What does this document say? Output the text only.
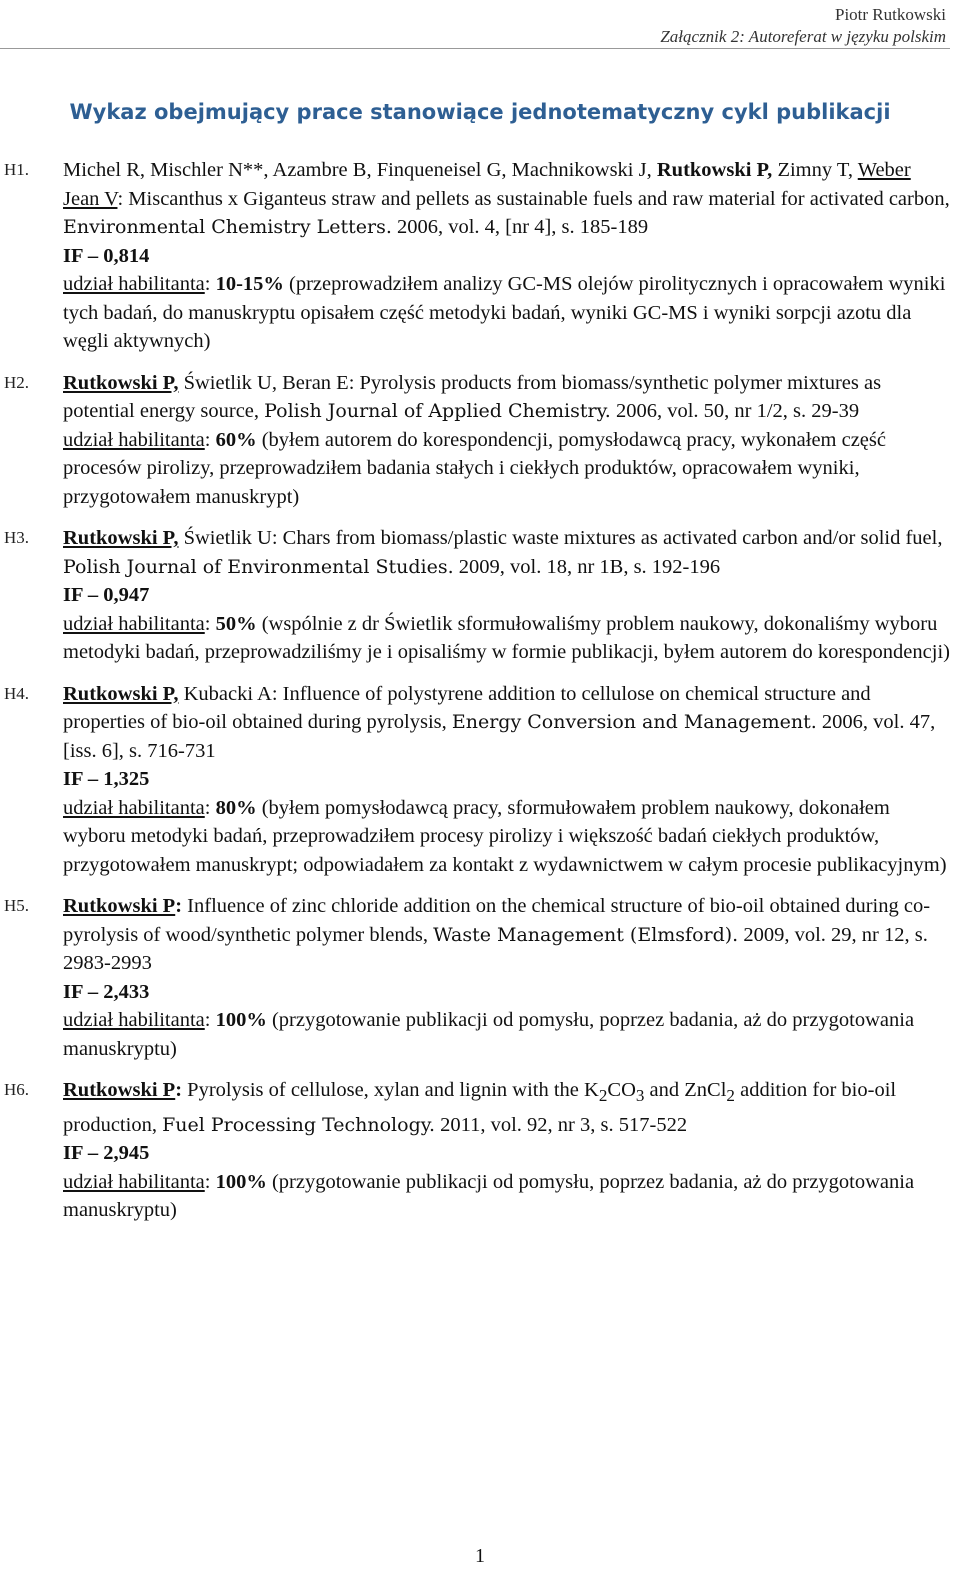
Piotr Rutkowski
Załącznik 2: Autoreferat w języku polskim
Wykaz obejmujący prace stanowiące jednotematyczny cykl publikacji
H1. Michel R, Mischler N**, Azambre B, Finqueneisel G, Machnikowski J, Rutkowski P, Zimny T, Weber Jean V: Miscanthus x Giganteus straw and pellets as sustainable fuels and raw material for activated carbon, Environmental Chemistry Letters. 2006, vol. 4, [nr 4], s. 185-189
IF – 0,814
udział habilitanta: 10-15% (przeprowadziłem analizy GC-MS olejów pirolitycznych i opracowałem wyniki tych badań, do manuskryptu opisałem część metodyki badań, wyniki GC-MS i wyniki sorpcji azotu dla węgli aktywnych)
H2. Rutkowski P, Świetlik U, Beran E: Pyrolysis products from biomass/synthetic polymer mixtures as potential energy source, Polish Journal of Applied Chemistry. 2006, vol. 50, nr 1/2, s. 29-39
udział habilitanta: 60% (byłem autorem do korespondencji, pomysłodawcą pracy, wykonałem część procesów pirolizy, przeprowadziłem badania stałych i ciekłych produktów, opracowałem wyniki, przygotowałem manuskrypt)
H3. Rutkowski P, Świetlik U: Chars from biomass/plastic waste mixtures as activated carbon and/or solid fuel, Polish Journal of Environmental Studies. 2009, vol. 18, nr 1B, s. 192-196
IF – 0,947
udział habilitanta: 50% (wspólnie z dr Świetlik sformułowaliśmy problem naukowy, dokonaliśmy wyboru metodyki badań, przeprowadziliśmy je i opisaliśmy w formie publikacji, byłem autorem do korespondencji)
H4. Rutkowski P, Kubacki A: Influence of polystyrene addition to cellulose on chemical structure and properties of bio-oil obtained during pyrolysis, Energy Conversion and Management. 2006, vol. 47, [iss. 6], s. 716-731
IF – 1,325
udział habilitanta: 80% (byłem pomysłodawcą pracy, sformułowałem problem naukowy, dokonałem wyboru metodyki badań, przeprowadziłem procesy pirolizy i większość badań ciekłych produktów, przygotowałem manuskrypt; odpowiadałem za kontakt z wydawnictwem w całym procesie publikacyjnym)
H5. Rutkowski P: Influence of zinc chloride addition on the chemical structure of bio-oil obtained during co-pyrolysis of wood/synthetic polymer blends, Waste Management (Elmsford). 2009, vol. 29, nr 12, s. 2983-2993
IF – 2,433
udział habilitanta: 100% (przygotowanie publikacji od pomysłu, poprzez badania, aż do przygotowania manuskryptu)
H6. Rutkowski P: Pyrolysis of cellulose, xylan and lignin with the $K_2CO_3$ and ZnCl$_2$ addition for bio-oil production, Fuel Processing Technology. 2011, vol. 92, nr 3, s. 517-522
IF – 2,945
udział habilitanta: 100% (przygotowanie publikacji od pomysłu, poprzez badania, aż do przygotowania manuskryptu)
1
